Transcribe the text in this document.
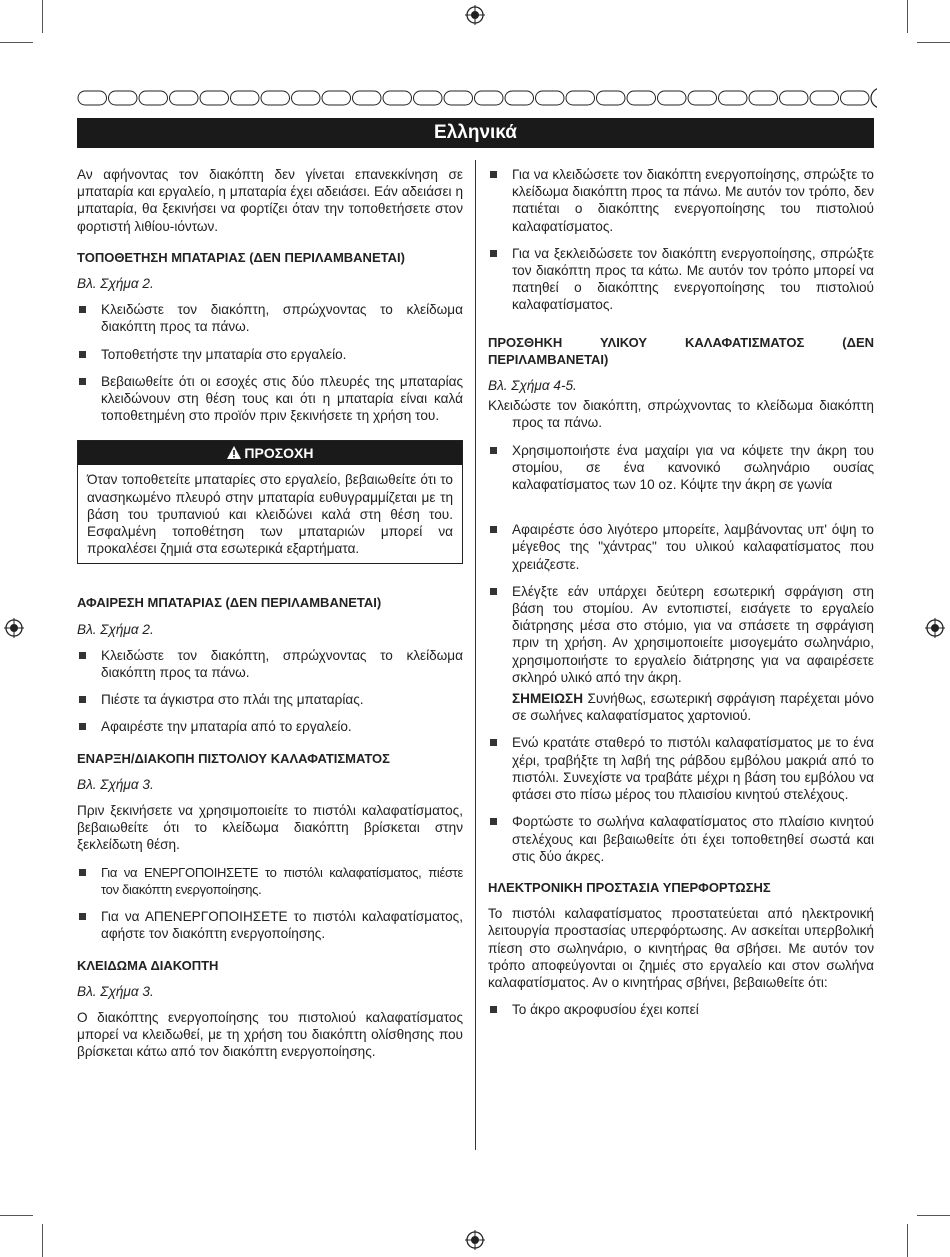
Ελληνικά

Αν αφήνοντας τον διακόπτη δεν γίνεται επανεκκίνηση σε μπαταρία και εργαλείο, η μπαταρία έχει αδειάσει. Εάν αδειάσει η μπαταρία, θα ξεκινήσει να φορτίζει όταν την τοποθετήσετε στον φορτιστή λιθίου-ιόντων.

ΤΟΠΟΘΕΤΗΣΗ ΜΠΑΤΑΡΙΑΣ (ΔΕΝ ΠΕΡΙΛΑΜΒΑΝΕΤΑΙ)
Βλ. Σχήμα 2.
Κλειδώστε τον διακόπτη, σπρώχνοντας το κλείδωμα διακόπτη προς τα πάνω.
Τοποθετήστε την μπαταρία στο εργαλείο.
Βεβαιωθείτε ότι οι εσοχές στις δύο πλευρές της μπαταρίας κλειδώνουν στη θέση τους και ότι η μπαταρία είναι καλά τοποθετημένη στο προϊόν πριν ξεκινήσετε τη χρήση του.
ΠΡΟΣΟΧΗ
Όταν τοποθετείτε μπαταρίες στο εργαλείο, βεβαιωθείτε ότι το ανασηκωμένο πλευρό στην μπαταρία ευθυγραμμίζεται με τη βάση του τρυπανιού και κλειδώνει καλά στη θέση του. Εσφαλμένη τοποθέτηση των μπαταριών μπορεί να προκαλέσει ζημιά στα εσωτερικά εξαρτήματα.
ΑΦΑΙΡΕΣΗ ΜΠΑΤΑΡΙΑΣ (ΔΕΝ ΠΕΡΙΛΑΜΒΑΝΕΤΑΙ)
Βλ. Σχήμα 2.
Κλειδώστε τον διακόπτη, σπρώχνοντας το κλείδωμα διακόπτη προς τα πάνω.
Πιέστε τα άγκιστρα στο πλάι της μπαταρίας.
Αφαιρέστε την μπαταρία από το εργαλείο.
ΕΝΑΡΞΗ/ΔΙΑΚΟΠΗ ΠΙΣΤΟΛΙΟΥ ΚΑΛΑΦΑΤΙΣΜΑΤΟΣ
Βλ. Σχήμα 3.

Πριν ξεκινήσετε να χρησιμοποιείτε το πιστόλι καλαφατίσματος, βεβαιωθείτε ότι το κλείδωμα διακόπτη βρίσκεται στην ξεκλείδωτη θέση.

Για να ΕΝΕΡΓΟΠΟΙΗΣΕΤΕ το πιστόλι καλαφατίσματος, πιέστε τον διακόπτη ενεργοποίησης.
Για να ΑΠΕΝΕΡΓΟΠΟΙΗΣΕΤΕ το πιστόλι καλαφατίσματος, αφήστε τον διακόπτη ενεργοποίησης.
ΚΛΕΙΔΩΜΑ ΔΙΑΚΟΠΤΗ
Βλ. Σχήμα 3.

Ο διακόπτης ενεργοποίησης του πιστολιού καλαφατίσματος μπορεί να κλειδωθεί, με τη χρήση του διακόπτη ολίσθησης που βρίσκεται κάτω από τον διακόπτη ενεργοποίησης.

Για να κλειδώσετε τον διακόπτη ενεργοποίησης, σπρώξτε το κλείδωμα διακόπτη προς τα πάνω. Με αυτόν τον τρόπο, δεν πατιέται ο διακόπτης ενεργοποίησης του πιστολιού καλαφατίσματος.
Για να ξεκλειδώσετε τον διακόπτη ενεργοποίησης, σπρώξτε τον διακόπτη προς τα κάτω. Με αυτόν τον τρόπο μπορεί να πατηθεί ο διακόπτης ενεργοποίησης του πιστολιού καλαφατίσματος.
ΠΡΟΣΘΗΚΗ ΥΛΙΚΟΥ ΚΑΛΑΦΑΤΙΣΜΑΤΟΣ (ΔΕΝ ΠΕΡΙΛΑΜΒΑΝΕΤΑΙ)
Βλ. Σχήμα 4-5.
Κλειδώστε τον διακόπτη, σπρώχνοντας το κλείδωμα διακόπτη προς τα πάνω.
Χρησιμοποιήστε ένα μαχαίρι για να κόψετε την άκρη του στομίου, σε ένα κανονικό σωληνάριο ουσίας καλαφατίσματος των 10 oz. Κόψτε την άκρη σε γωνία
Αφαιρέστε όσο λιγότερο μπορείτε, λαμβάνοντας υπ' όψη το μέγεθος της "χάντρας" του υλικού καλαφατίσματος που χρειάζεστε.
Ελέγξτε εάν υπάρχει δεύτερη εσωτερική σφράγιση στη βάση του στομίου. Αν εντοπιστεί, εισάγετε το εργαλείο διάτρησης μέσα στο στόμιο, για να σπάσετε τη σφράγιση πριν τη χρήση. Αν χρησιμοποιείτε μισογεμάτο σωληνάριο, χρησιμοποιήστε το εργαλείο διάτρησης για να αφαιρέσετε σκληρό υλικό από την άκρη.
ΣΗΜΕΙΩΣΗ Συνήθως, εσωτερική σφράγιση παρέχεται μόνο σε σωλήνες καλαφατίσματος χαρτονιού.
Ενώ κρατάτε σταθερό το πιστόλι καλαφατίσματος με το ένα χέρι, τραβήξτε τη λαβή της ράβδου εμβόλου μακριά από το πιστόλι. Συνεχίστε να τραβάτε μέχρι η βάση του εμβόλου να φτάσει στο πίσω μέρος του πλαισίου κινητού στελέχους.
Φορτώστε το σωλήνα καλαφατίσματος στο πλαίσιο κινητού στελέχους και βεβαιωθείτε ότι έχει τοποθετηθεί σωστά και στις δύο άκρες.
ΗΛΕΚΤΡΟΝΙΚΗ ΠΡΟΣΤΑΣΙΑ ΥΠΕΡΦΟΡΤΩΣΗΣ

Το πιστόλι καλαφατίσματος προστατεύεται από ηλεκτρονική λειτουργία προστασίας υπερφόρτωσης. Αν ασκείται υπερβολική πίεση στο σωληνάριο, ο κινητήρας θα σβήσει. Με αυτόν τον τρόπο αποφεύγονται οι ζημιές στο εργαλείο και στον σωλήνα καλαφατίσματος. Αν ο κινητήρας σβήνει, βεβαιωθείτε ότι:

Το άκρο ακροφυσίου έχει κοπεί
